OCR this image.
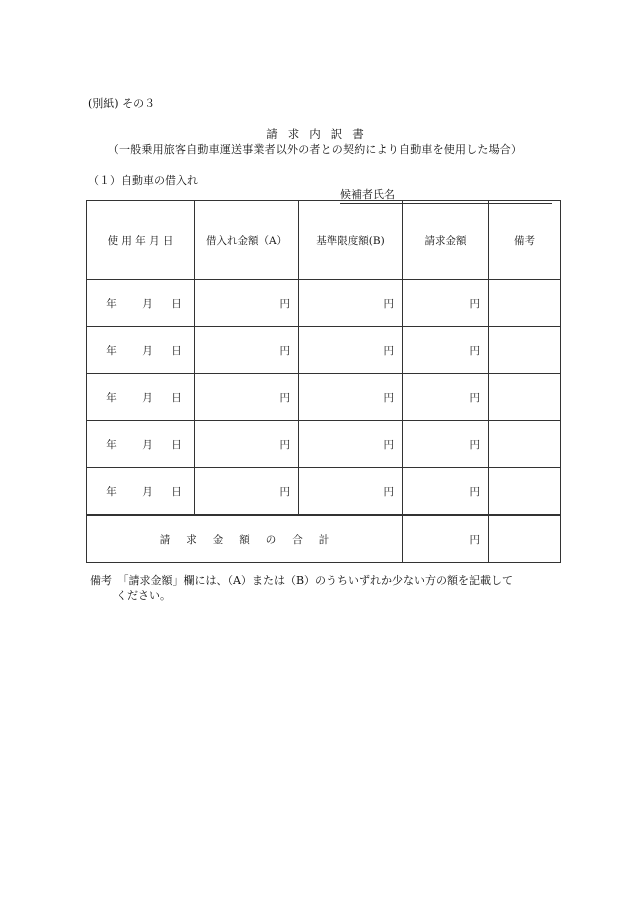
(別紙) その３
請求内訳書
（一般乗用旅客自動車運送事業者以外の者との契約により自動車を使用した場合）
（１）自動車の借入れ
候補者氏名
使 用 年 月 日	借入れ金額（A）	基準限度額(B)	請求金額	備考
年 月 日	円	円	円	
年 月 日	円	円	円	
年 月 日	円	円	円	
年 月 日	円	円	円	
年 月 日	円	円	円	
請求金額の合計			円	
備考　「請求金額」欄には、（A）または（B）のうちいずれか少ない方の額を記載して
ください。
